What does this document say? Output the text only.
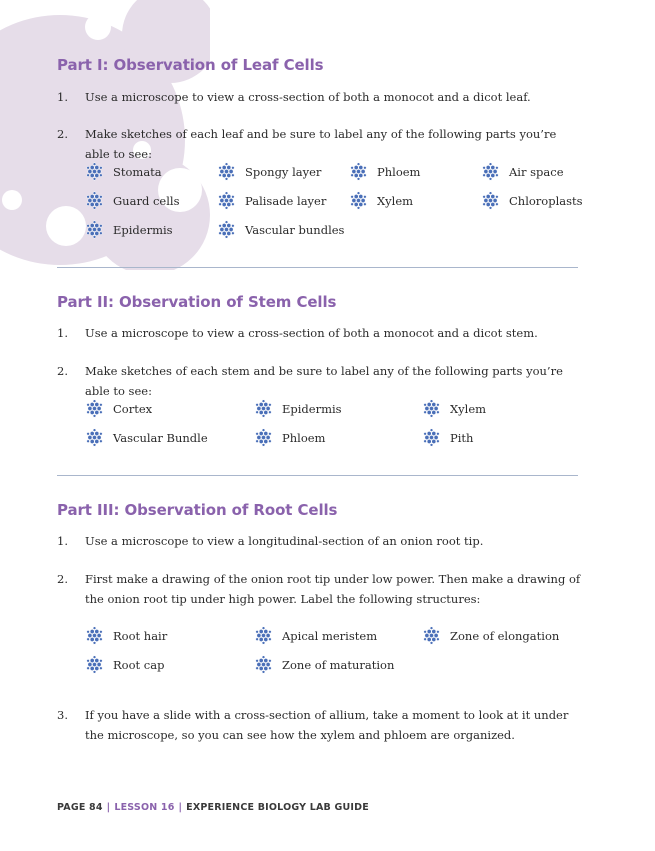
Part I: Observation of Leaf Cells
1.	Use a microscope to view a cross-section of both a monocot and a dicot leaf.
2.	Make sketches of each leaf and be sure to label any of the following parts you’re able to see:
Stomata	Spongy layer	Phloem	Air space
Guard cells	Palisade layer	Xylem	Chloroplasts
Epidermis	Vascular bundles
Part II: Observation of Stem Cells
1.	Use a microscope to view a cross-section of both a monocot and a dicot stem.
2.	Make sketches of each stem and be sure to label any of the following parts you’re able to see:
Cortex	Epidermis	Xylem
Vascular Bundle	Phloem	Pith
Part III: Observation of Root Cells
1.	Use a microscope to view a longitudinal-section of an onion root tip.
2.	First make a drawing of the onion root tip under low power. Then make a drawing of the onion root tip under high power. Label the following structures:
Root hair	Apical meristem	Zone of elongation
Root cap	Zone of maturation
3.	If you have a slide with a cross-section of allium, take a moment to look at it under the microscope, so you can see how the xylem and phloem are organized.
PAGE 84 | LESSON 16 | EXPERIENCE BIOLOGY LAB GUIDE
